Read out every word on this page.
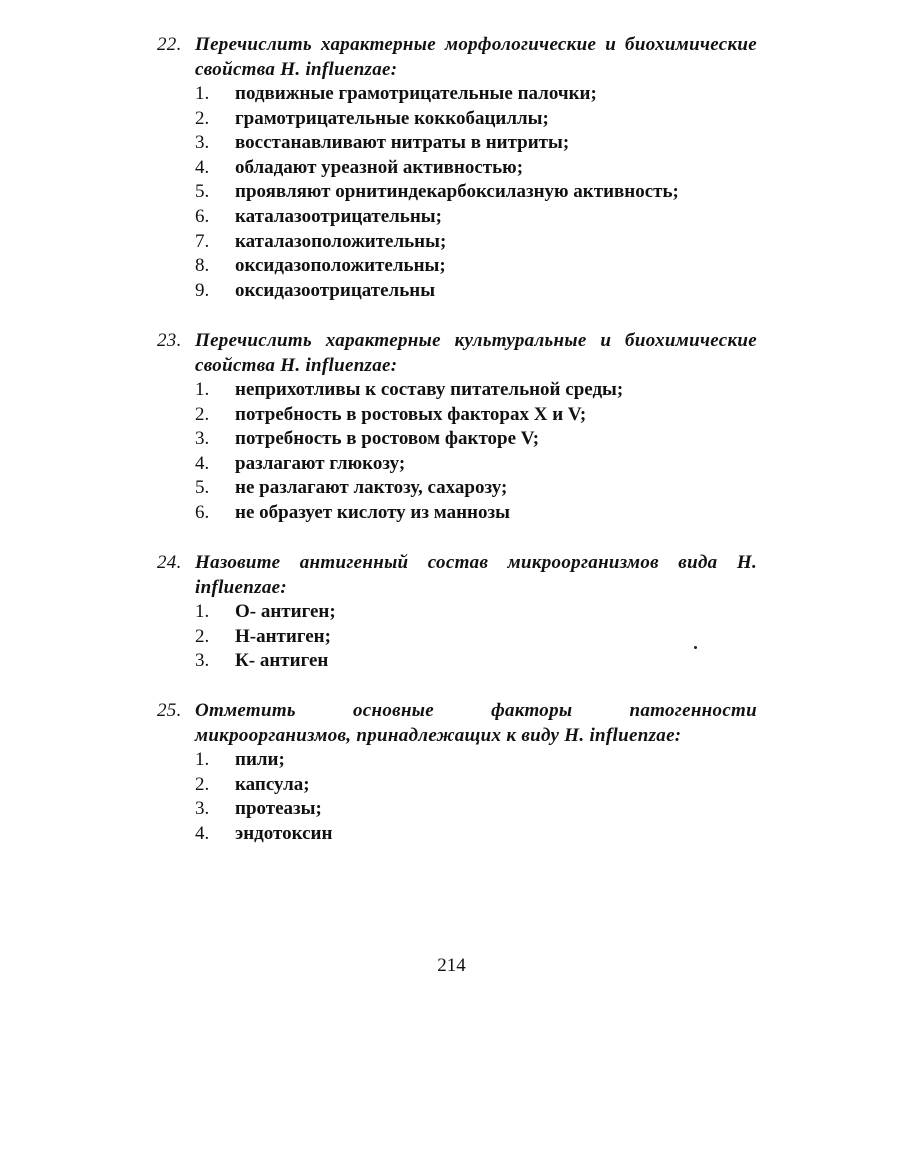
22. Перечислить характерные морфологические и биохимические свойства H. influenzae:
1.	подвижные грамотрицательные палочки;
2.	грамотрицательные коккобациллы;
3.	восстанавливают нитраты в нитриты;
4.	обладают уреазной активностью;
5.	проявляют орнитиндекарбоксилазную активность;
6.	каталазоотрицательны;
7.	каталазоположительны;
8.	оксидазоположительны;
9.	оксидазоотрицательны
23. Перечислить характерные культуральные и биохимические свойства H. influenzae:
1.	неприхотливы к составу питательной среды;
2.	потребность в ростовых факторах X и V;
3.	потребность в ростовом факторе V;
4.	разлагают глюкозу;
5.	не разлагают лактозу, сахарозу;
6.	не образует кислоту из маннозы
24. Назовите антигенный состав микроорганизмов вида H. influenzae:
1.	О- антиген;
2.	Н-антиген;
3.	К- антиген
25. Отметить основные факторы патогенности микроорганизмов, принадлежащих к виду H. influenzae:
1.	пили;
2.	капсула;
3.	протеазы;
4.	эндотоксин
214
